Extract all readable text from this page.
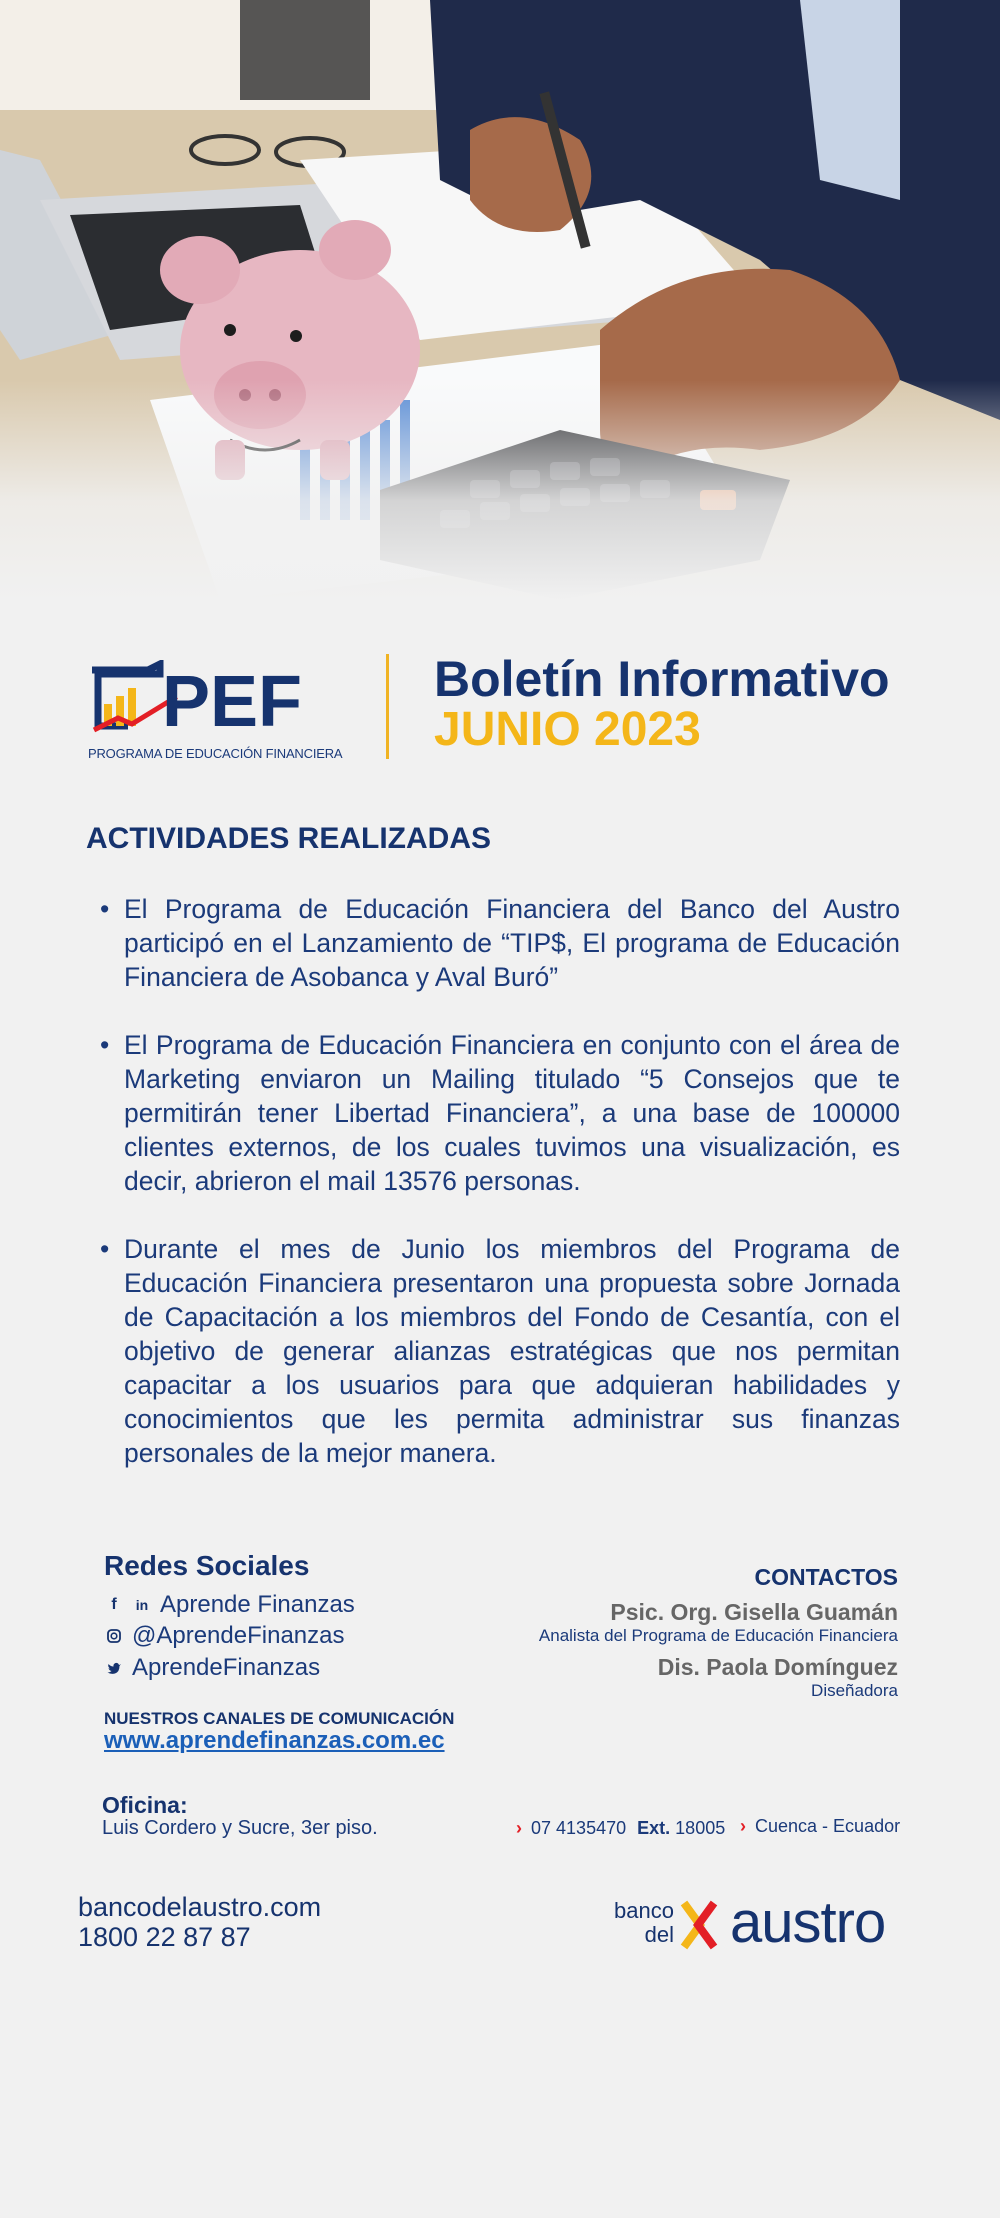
PEF
PROGRAMA DE EDUCACIÓN FINANCIERA
Boletín Informativo
JUNIO 2023
ACTIVIDADES REALIZADAS
• El Programa de Educación Financiera del Banco del Austro participó en el Lanzamiento de “TIP$, El programa de Educación Financiera de Asobanca y Aval Buró”
• El Programa de Educación Financiera en conjunto con el área de Marketing enviaron un Mailing titulado “5 Consejos que te permitirán tener Libertad Financiera”, a una base de 100000 clientes externos, de los cuales tuvimos una visualización, es decir, abrieron el mail 13576 personas.
• Durante el mes de Junio los miembros del Programa de Educación Financiera presentaron una propuesta sobre Jornada de Capacitación a los miembros del Fondo de Cesantía, con el objetivo de generar alianzas estratégicas que nos permitan capacitar a los usuarios para que adquieran habilidades y conocimientos que les permita administrar sus finanzas personales de la mejor manera.
Redes Sociales
f	in Aprende Finanzas
@AprendeFinanzas
AprendeFinanzas
NUESTROS CANALES DE COMUNICACIÓN
www.aprendefinanzas.com.ec
CONTACTOS
Psic. Org. Gisella Guamán
Analista del Programa de Educación Financiera
Dis. Paola Domínguez
Diseñadora
Oficina:
Luis Cordero y Sucre, 3er piso.	› 07 4135470 Ext. 18005 › Cuenca - Ecuador
bancodelaustro.com
1800 22 87 87
banco
del austro
